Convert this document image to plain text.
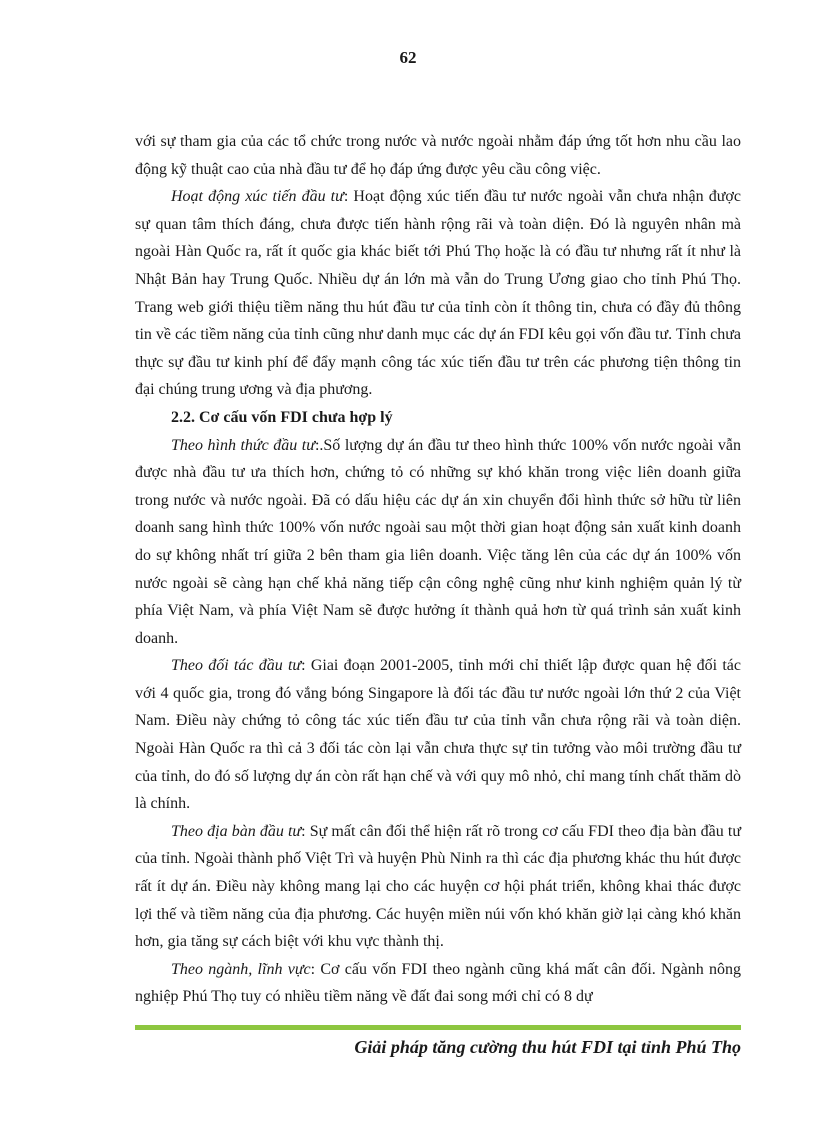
62

với sự tham gia của các tổ chức trong nước và nước ngoài nhằm đáp ứng tốt hơn nhu cầu lao động kỹ thuật cao của nhà đầu tư để họ đáp ứng được yêu cầu công việc.

Hoạt động xúc tiến đầu tư: Hoạt động xúc tiến đầu tư nước ngoài vẫn chưa nhận được sự quan tâm thích đáng, chưa được tiến hành rộng rãi và toàn diện. Đó là nguyên nhân mà ngoài Hàn Quốc ra, rất ít quốc gia khác biết tới Phú Thọ hoặc là có đầu tư nhưng rất ít như là Nhật Bản hay Trung Quốc. Nhiều dự án lớn mà vẫn do Trung Ương giao cho tỉnh Phú Thọ. Trang web giới thiệu tiềm năng thu hút đầu tư của tỉnh còn ít thông tin, chưa có đầy đủ thông tin về các tiềm năng của tỉnh cũng như danh mục các dự án FDI kêu gọi vốn đầu tư. Tỉnh chưa thực sự đầu tư kinh phí để đẩy mạnh công tác xúc tiến đầu tư trên các phương tiện thông tin đại chúng trung ương và địa phương.

2.2. Cơ cấu vốn FDI chưa hợp lý

Theo hình thức đầu tư:.Số lượng dự án đầu tư theo hình thức 100% vốn nước ngoài vẫn được nhà đầu tư ưa thích hơn, chứng tỏ có những sự khó khăn trong việc liên doanh giữa trong nước và nước ngoài. Đã có dấu hiệu các dự án xin chuyển đổi hình thức sở hữu từ liên doanh sang hình thức 100% vốn nước ngoài sau một thời gian hoạt động sản xuất kinh doanh do sự không nhất trí giữa 2 bên tham gia liên doanh. Việc tăng lên của các dự án 100% vốn nước ngoài sẽ càng hạn chế khả năng tiếp cận công nghệ cũng như kinh nghiệm quản lý từ phía Việt Nam, và phía Việt Nam sẽ được hưởng ít thành quả hơn từ quá trình sản xuất kinh doanh.

Theo đối tác đầu tư: Giai đoạn 2001-2005, tỉnh mới chỉ thiết lập được quan hệ đối tác với 4 quốc gia, trong đó vắng bóng Singapore là đối tác đầu tư nước ngoài lớn thứ 2 của Việt Nam. Điều này chứng tỏ công tác xúc tiến đầu tư của tỉnh vẫn chưa rộng rãi và toàn diện. Ngoài Hàn Quốc ra thì cả 3 đối tác còn lại vẫn chưa thực sự tin tưởng vào môi trường đầu tư của tỉnh, do đó số lượng dự án còn rất hạn chế và với quy mô nhỏ, chỉ mang tính chất thăm dò là chính.

Theo địa bàn đầu tư: Sự mất cân đối thể hiện rất rõ trong cơ cấu FDI theo địa bàn đầu tư của tỉnh. Ngoài thành phố Việt Trì và huyện Phù Ninh ra thì các địa phương khác thu hút được rất ít dự án. Điều này không mang lại cho các huyện cơ hội phát triển, không khai thác được lợi thế và tiềm năng của địa phương. Các huyện miền núi vốn khó khăn giờ lại càng khó khăn hơn, gia tăng sự cách biệt với khu vực thành thị.

Theo ngành, lĩnh vực: Cơ cấu vốn FDI theo ngành cũng khá mất cân đối. Ngành nông nghiệp Phú Thọ tuy có nhiều tiềm năng về đất đai song mới chỉ có 8 dự

Giải pháp tăng cường thu hút FDI tại tỉnh Phú Thọ
